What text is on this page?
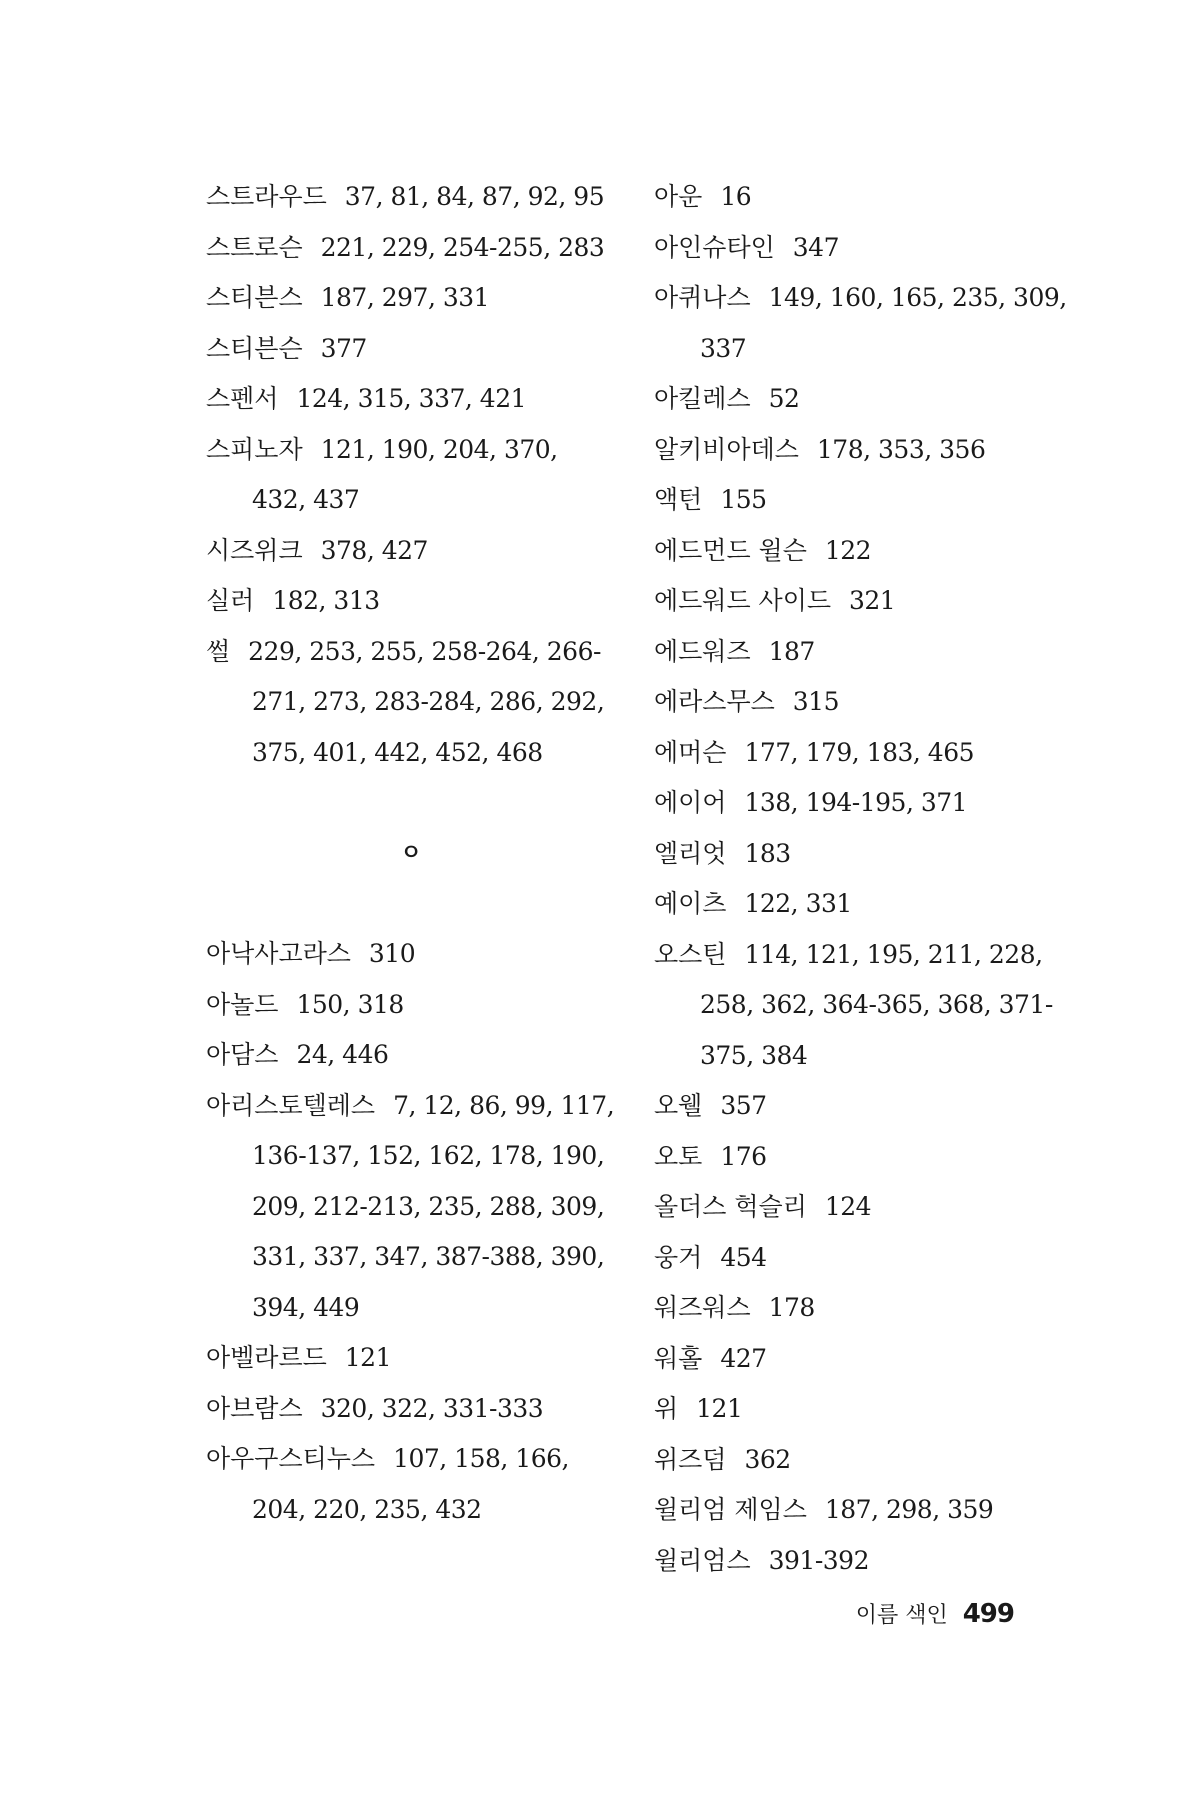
스트라우드 37, 81, 84, 87, 92, 95

스트로슨 221, 229, 254-255, 283

스티븐스 187, 297, 331

스티븐슨 377

스펜서 124, 315, 337, 421

스피노자 121, 190, 204, 370, 432, 437

시즈위크 378, 427

실러 182, 313

썰 229, 253, 255, 258-264, 266-271, 273, 283-284, 286, 292, 375, 401, 442, 452, 468

ㅇ

아낙사고라스 310

아놀드 150, 318

아담스 24, 446

아리스토텔레스 7, 12, 86, 99, 117, 136-137, 152, 162, 178, 190, 209, 212-213, 235, 288, 309, 331, 337, 347, 387-388, 390, 394, 449

아벨라르드 121

아브람스 320, 322, 331-333

아우구스티누스 107, 158, 166, 204, 220, 235, 432

아운 16

아인슈타인 347

아퀴나스 149, 160, 165, 235, 309, 337

아킬레스 52

알키비아데스 178, 353, 356

액턴 155

에드먼드 윌슨 122

에드워드 사이드 321

에드워즈 187

에라스무스 315

에머슨 177, 179, 183, 465

에이어 138, 194-195, 371

엘리엇 183

예이츠 122, 331

오스틴 114, 121, 195, 211, 228, 258, 362, 364-365, 368, 371-375, 384

오웰 357

오토 176

올더스 헉슬리 124

웅거 454

워즈워스 178

워홀 427

위 121

위즈덤 362

윌리엄 제임스 187, 298, 359

윌리엄스 391-392

이름 색인 499
